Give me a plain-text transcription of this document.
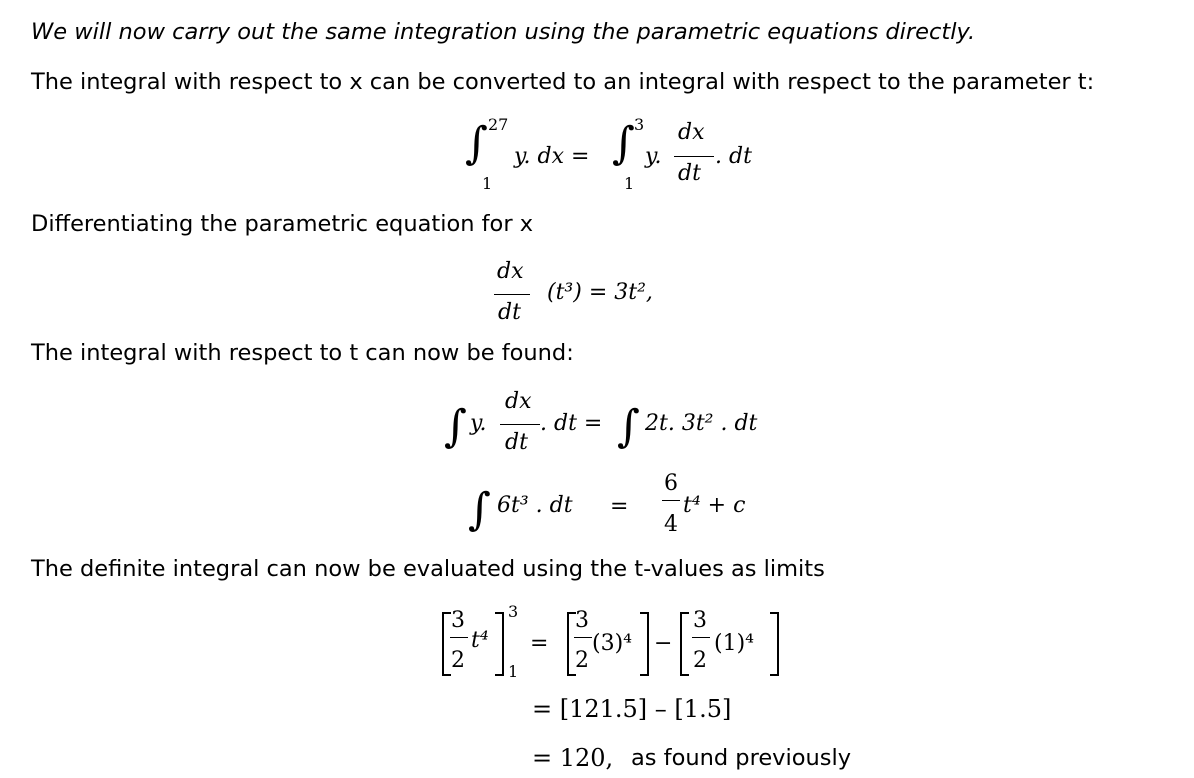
We will now carry out the same integration using the parametric equations directly.
The integral with respect to x can be converted to an integral with respect to the parameter t:
Differentiating the parametric equation for x
The integral with respect to t can now be found:
The definite integral can now be evaluated using the t-values as limits
∫ 27
1
y. dx = ∫ 3
1
y.
dx
dt
. dt
dx
dt
(t³) = 3t²,
∫ y.
dx
dt
. dt = ∫ 2t. 3t² . dt
∫ 6t³ . dt =
6
4
t⁴ + c
3
2
t⁴
3
1
=
3
2
(3)⁴ −
3
2
(1)⁴
= [121.5] – [1.5]
= 120, as found previously
